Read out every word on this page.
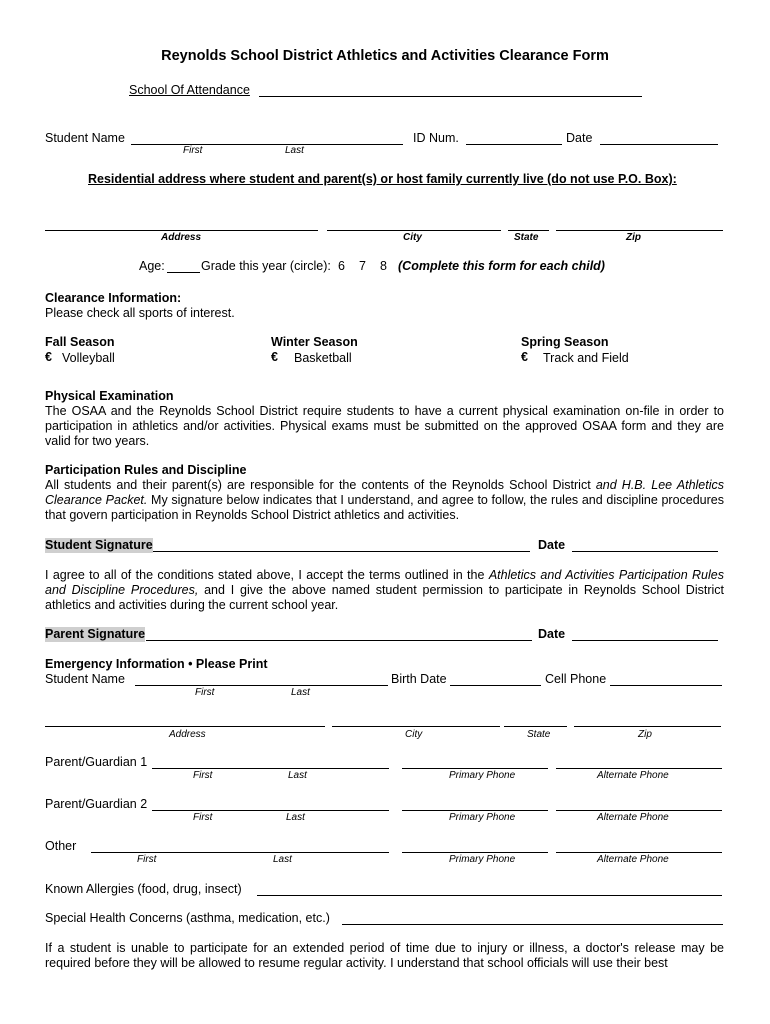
Reynolds School District Athletics and Activities Clearance Form
School Of Attendance
Student Name
First	Last
ID Num.	Date
Residential address where student and parent(s) or host family currently live (do not use P.O. Box):
Address	City	State	Zip
Age:	Grade this year (circle): 6 7 8 (Complete this form for each child)
Clearance Information:
Please check all sports of interest.
Fall Season
€ Volleyball
Winter Season
€ Basketball
Spring Season
€ Track and Field
Physical Examination
The OSAA and the Reynolds School District require students to have a current physical examination on-file in order to participation in athletics and/or activities. Physical exams must be submitted on the approved OSAA form and they are valid for two years.
Participation Rules and Discipline
All students and their parent(s) are responsible for the contents of the Reynolds School District and H.B. Lee Athletics Clearance Packet. My signature below indicates that I understand, and agree to follow, the rules and discipline procedures that govern participation in Reynolds School District athletics and activities.
Student Signature	Date
I agree to all of the conditions stated above, I accept the terms outlined in the Athletics and Activities Participation Rules and Discipline Procedures, and I give the above named student permission to participate in Reynolds School District athletics and activities during the current school year.
Parent Signature	Date
Emergency Information • Please Print
Student Name
First	Last
Birth Date	Cell Phone
Address	City	State	Zip
Parent/Guardian 1
First	Last	Primary Phone	Alternate Phone
Parent/Guardian 2
First	Last	Primary Phone	Alternate Phone
Other
First	Last	Primary Phone	Alternate Phone
Known Allergies (food, drug, insect)
Special Health Concerns (asthma, medication, etc.)
If a student is unable to participate for an extended period of time due to injury or illness, a doctor's release may be required before they will be allowed to resume regular activity. I understand that school officials will use their best
